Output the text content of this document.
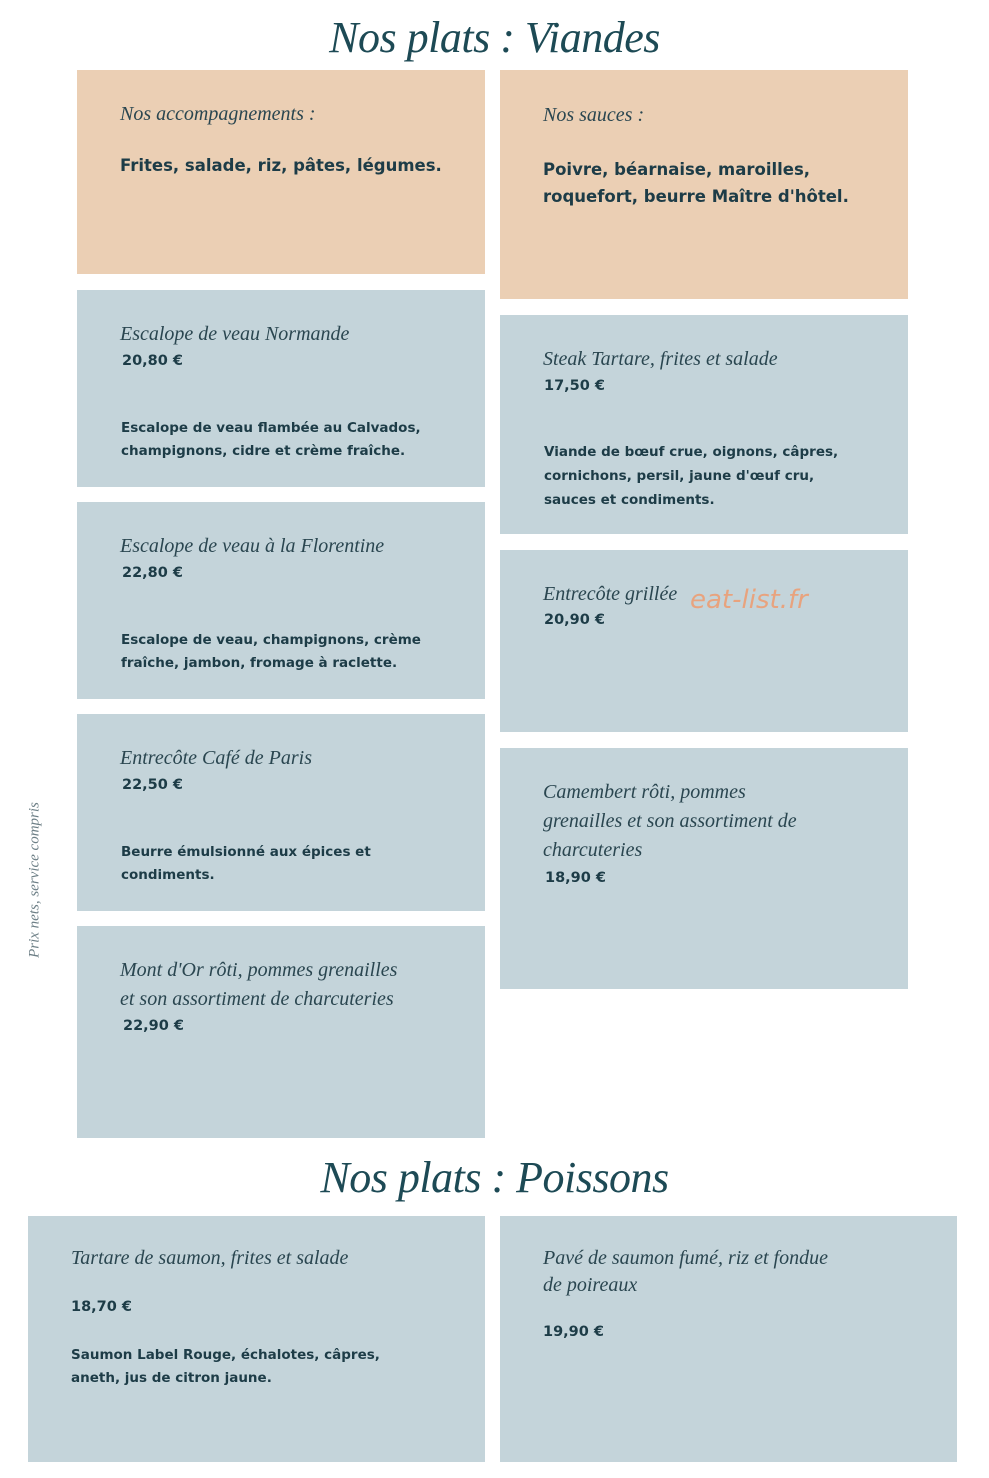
Nos plats : Viandes
Prix nets, service compris

Nos accompagnements :

Frites, salade, riz, pâtes, légumes.

Nos sauces :

Poivre, béarnaise, maroilles,

roquefort, beurre Maître d'hôtel.

Escalope de veau Normande

20,80 €

Escalope de veau flambée au Calvados,

champignons, cidre et crème fraîche.

Escalope de veau à la Florentine

22,80 €

Escalope de veau, champignons, crème

fraîche, jambon, fromage à raclette.

Entrecôte Café de Paris

22,50 €

Beurre émulsionné aux épices et

condiments.

Mont d'Or rôti, pommes grenailles

et son assortiment de charcuteries

22,90 €

Steak Tartare, frites et salade

17,50 €

Viande de bœuf crue, oignons, câpres,

cornichons, persil, jaune d'œuf cru,

sauces et condiments.

Entrecôte grillée

20,90 €

Camembert rôti, pommes

grenailles et son assortiment de

charcuteries

18,90 €

eat-list.fr
Nos plats : Poissons

Tartare de saumon, frites et salade

18,70 €

Saumon Label Rouge, échalotes, câpres,

aneth, jus de citron jaune.

Pavé de saumon fumé, riz et fondue

de poireaux

19,90 €
